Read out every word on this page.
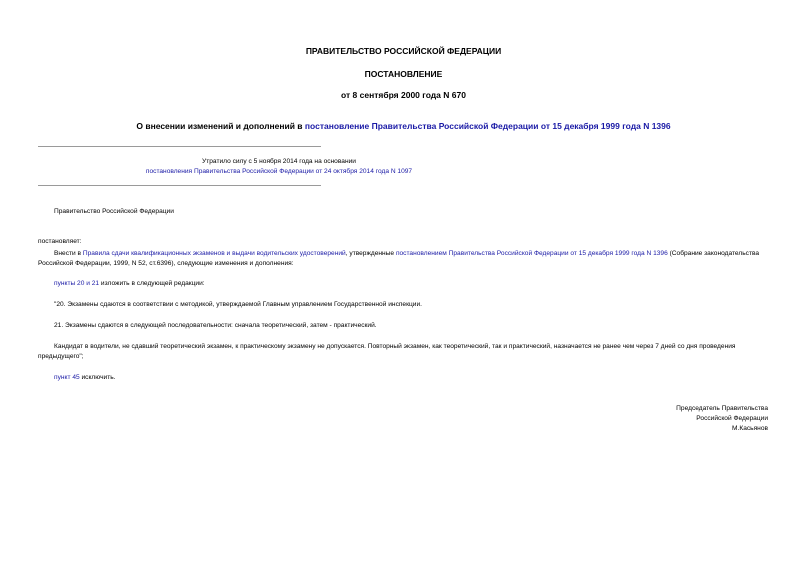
ПРАВИТЕЛЬСТВО РОССИЙСКОЙ ФЕДЕРАЦИИ
ПОСТАНОВЛЕНИЕ
от 8 сентября 2000 года N 670
О внесении изменений и дополнений в постановление Правительства Российской Федерации от 15 декабря 1999 года N 1396

Утратило силу с 5 ноября 2014 года на основании

постановления Правительства Российской Федерации от 24 октября 2014 года N 1097

Правительство Российской Федерации
постановляет:
Внести в Правила сдачи квалификационных экзаменов и выдачи водительских удостоверений, утвержденные постановлением Правительства Российской Федерации от 15 декабря 1999 года N 1396 (Собрание законодательства Российской Федерации, 1999, N 52, ст.6396), следующие изменения и дополнения:
пункты 20 и 21 изложить в следующей редакции:
"20. Экзамены сдаются в соответствии с методикой, утверждаемой Главным управлением Государственной инспекции.
21. Экзамены сдаются в следующей последовательности: сначала теоретический, затем - практический.
Кандидат в водители, не сдавший теоретический экзамен, к практическому экзамену не допускается. Повторный экзамен, как теоретический, так и практический, назначается не ранее чем через 7 дней со дня проведения предыдущего";
пункт 45 исключить.

Председатель Правительства

Российской Федерации

М.Касьянов
